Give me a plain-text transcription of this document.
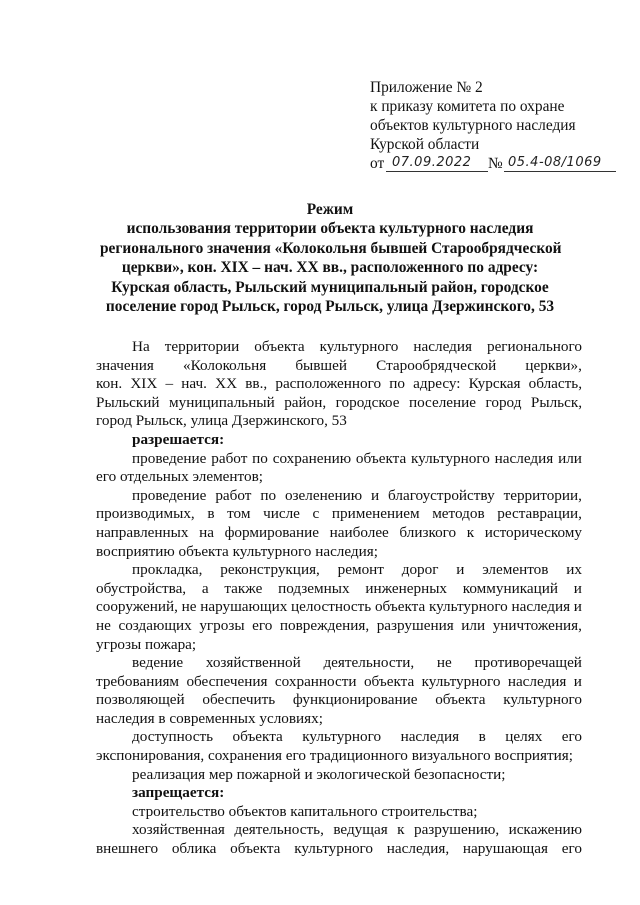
Приложение № 2
к приказу комитета по охране
объектов культурного наследия
Курской области
от 07.09.2022 № 05.4-08/1069
Режим
использования территории объекта культурного наследия
регионального значения «Колокольня бывшей Старообрядческой
церкви», кон. XIX – нач. XX вв., расположенного по адресу:
Курская область, Рыльский муниципальный район, городское
поселение город Рыльск, город Рыльск, улица Дзержинского, 53
На территории объекта культурного наследия регионального
значения «Колокольня бывшей Старообрядческой церкви»,
кон. XIX – нач. XX вв., расположенного по адресу: Курская область,
Рыльский муниципальный район, городское поселение город Рыльск,
город Рыльск, улица Дзержинского, 53
разрешается:
проведение работ по сохранению объекта культурного наследия или
его отдельных элементов;
проведение работ по озеленению и благоустройству территории,
производимых, в том числе с применением методов реставрации,
направленных на формирование наиболее близкого к историческому
восприятию объекта культурного наследия;
прокладка, реконструкция, ремонт дорог и элементов их
обустройства, а также подземных инженерных коммуникаций и
сооружений, не нарушающих целостность объекта культурного наследия и
не создающих угрозы его повреждения, разрушения или уничтожения,
угрозы пожара;
ведение хозяйственной деятельности, не противоречащей
требованиям обеспечения сохранности объекта культурного наследия и
позволяющей обеспечить функционирование объекта культурного
наследия в современных условиях;
доступность объекта культурного наследия в целях его
экспонирования, сохранения его традиционного визуального восприятия;
реализация мер пожарной и экологической безопасности;
запрещается:
строительство объектов капитального строительства;
хозяйственная деятельность, ведущая к разрушению, искажению
внешнего облика объекта культурного наследия, нарушающая его
